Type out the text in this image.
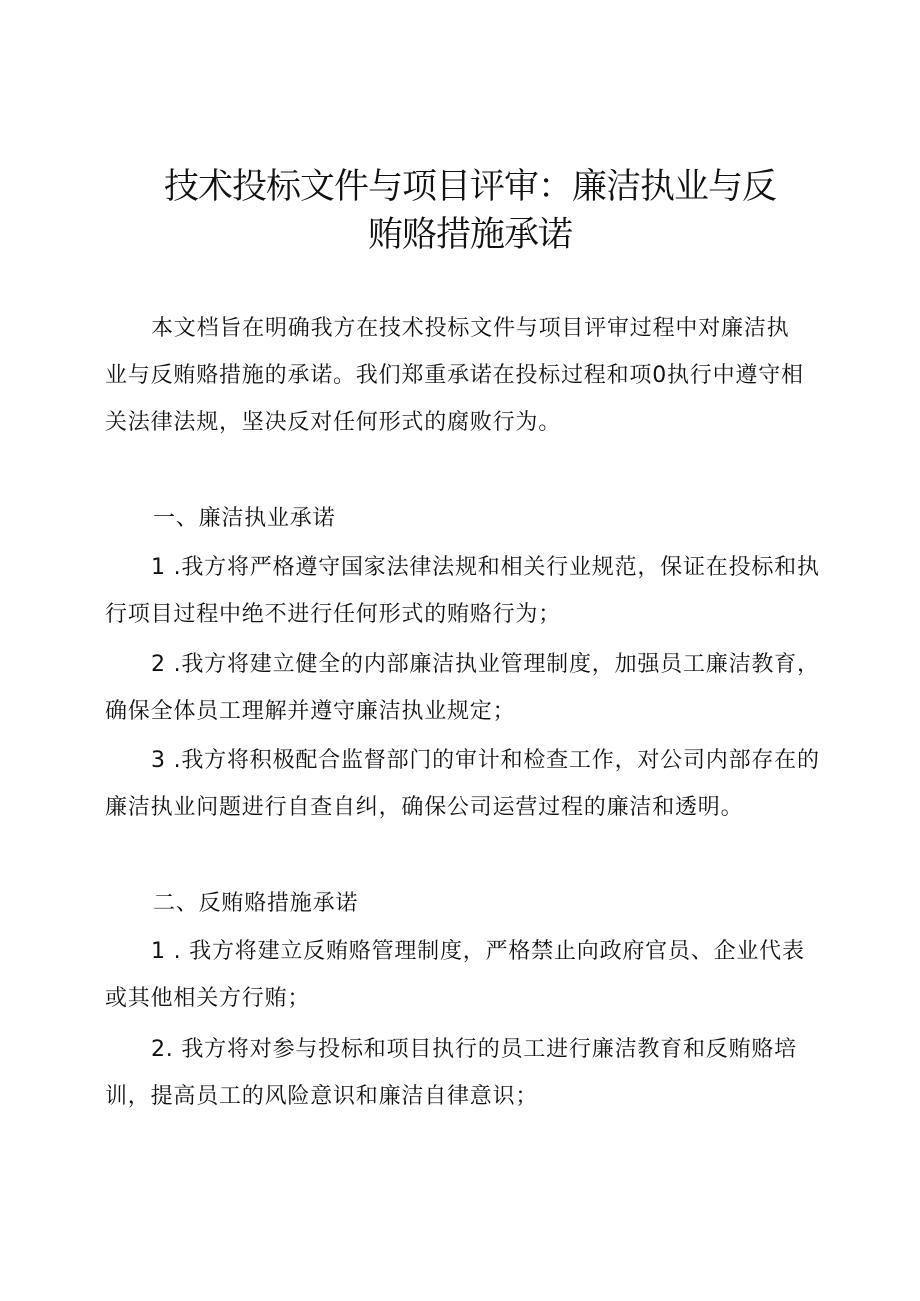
技术投标文件与项目评审：廉洁执业与反
贿赂措施承诺
本文档旨在明确我方在技术投标文件与项目评审过程中对廉洁执
业与反贿赂措施的承诺。我们郑重承诺在投标过程和项0执行中遵守相
关法律法规，坚决反对任何形式的腐败行为。
一、廉洁执业承诺
1 .我方将严格遵守国家法律法规和相关行业规范，保证在投标和执
行项目过程中绝不进行任何形式的贿赂行为；
2 .我方将建立健全的内部廉洁执业管理制度，加强员工廉洁教育，
确保全体员工理解并遵守廉洁执业规定；
3 .我方将积极配合监督部门的审计和检查工作，对公司内部存在的
廉洁执业问题进行自查自纠，确保公司运营过程的廉洁和透明。
二、反贿赂措施承诺
1 . 我方将建立反贿赂管理制度，严格禁止向政府官员、企业代表
或其他相关方行贿；
2. 我方将对参与投标和项目执行的员工进行廉洁教育和反贿赂培
训，提高员工的风险意识和廉洁自律意识；
